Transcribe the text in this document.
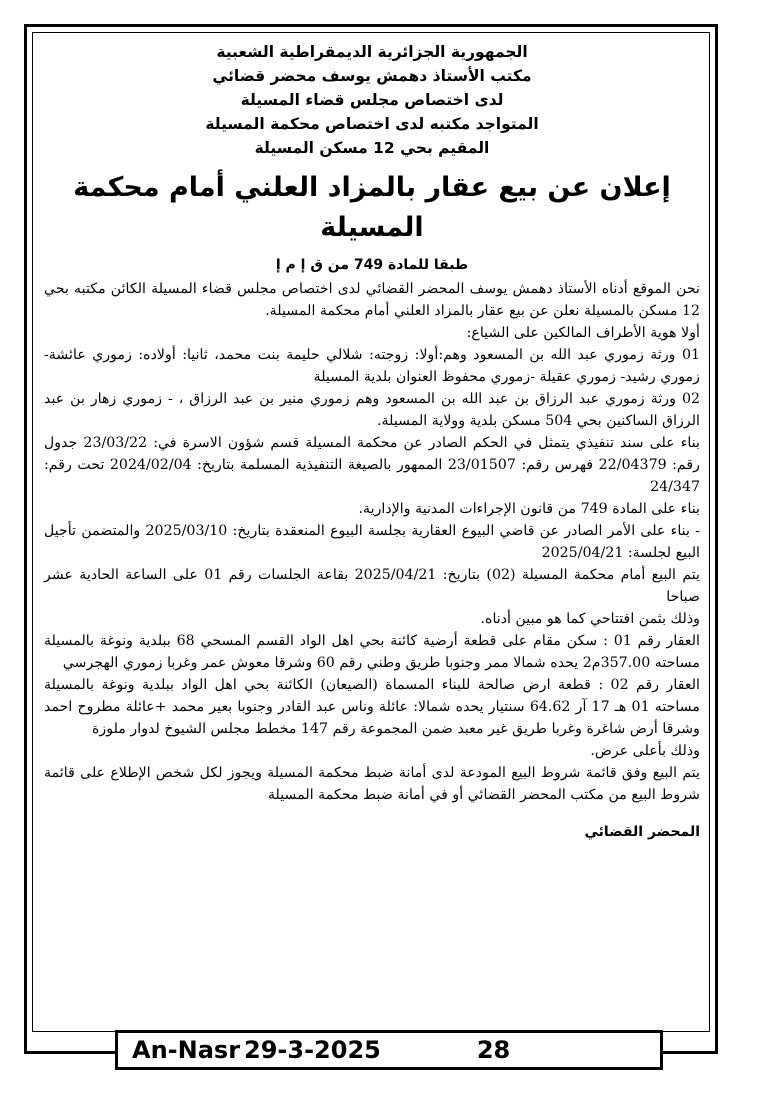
الجمهورية الجزائرية الديمقراطية الشعبية

مكتب الأستاذ دهمش يوسف محضر قضائي

لدى اختصاص مجلس قضاء المسيلة

المتواجد مكتبه لدى اختصاص محكمة المسيلة

المقيم بحي 12 مسكن المسيلة

إعلان عن بيع عقار بالمزاد العلني أمام محكمة المسيلة

طبقا للمادة 749 من ق إ م إ

نحن الموقع أدناه الأستاذ دهمش يوسف المحضر القضائي لدى اختصاص مجلس قضاء المسيلة الكائن مكتبه بحي 12 مسكن بالمسيلة نعلن عن بيع عقار بالمزاد العلني أمام محكمة المسيلة.

أولا هوية الأطراف المالكين على الشياع:

01 ورثة زموري عبد الله بن المسعود وهم:أولا: زوجته: شلالي حليمة بنت محمد، ثانيا: أولاده: زموري عائشة- زموري رشيد- زموري عقيلة -زموري محفوظ العنوان بلدية المسيلة

02 ورثة زموري عبد الرزاق بن عبد الله بن المسعود وهم زموري منير بن عبد الرزاق ، - زموري زهار بن عبد الرزاق الساكنين بحي 504 مسكن بلدية وولاية المسيلة.

بناء على سند تنفيذي يتمثل في الحكم الصادر عن محكمة المسيلة قسم شؤون الاسرة في: 23/03/22 جدول رقم: 22/04379 فهرس رقم: 23/01507 الممهور بالصيغة التنفيذية المسلمة بتاريخ: 2024/02/04 تحت رقم: 24/347

بناء على المادة 749 من قانون الإجراءات المدنية والإدارية.

- بناء على الأمر الصادر عن قاضي البيوع العقارية بجلسة البيوع المنعقدة بتاريخ: 2025/03/10 والمتضمن تأجيل البيع لجلسة: 2025/04/21

يتم البيع أمام محكمة المسيلة (02) بتاريخ: 2025/04/21 بقاعة الجلسات رقم 01 على الساعة الحادية عشر صباحا

وذلك بثمن افتتاحي كما هو مبين أدناه.

العقار رقم 01 : سكن مقام على قطعة أرضية كائنة بحي اهل الواد القسم المسحي 68 ببلدية ونوغة بالمسيلة مساحته 357.00م2 يحده شمالا ممر وجنوبا طريق وطني رقم 60 وشرقا معوش عمر وغربا زموري الهجرسي

العقار رقم 02 : قطعة ارض صالحة للبناء المسماة (الصيعان) الكائنة بحي اهل الواد ببلدية ونوغة بالمسيلة مساحته 01 هـ 17 آر 64.62 سنتيار يحده شمالا: عائلة وناس عبد القادر وجنوبا بعير محمد +عائلة مطروح احمد وشرقا أرض شاغرة وغربا طريق غير معبد ضمن المجموعة رقم 147 مخطط مجلس الشيوخ لدوار ملوزة

وذلك بأعلى عرض.

يتم البيع وفق قائمة شروط البيع المودعة لدى أمانة ضبط محكمة المسيلة ويجوز لكل شخص الإطلاع على قائمة شروط البيع من مكتب المحضر القضائي أو في أمانة ضبط محكمة المسيلة

المحضر القضائي
An-Nasr 29-3-2025	28
